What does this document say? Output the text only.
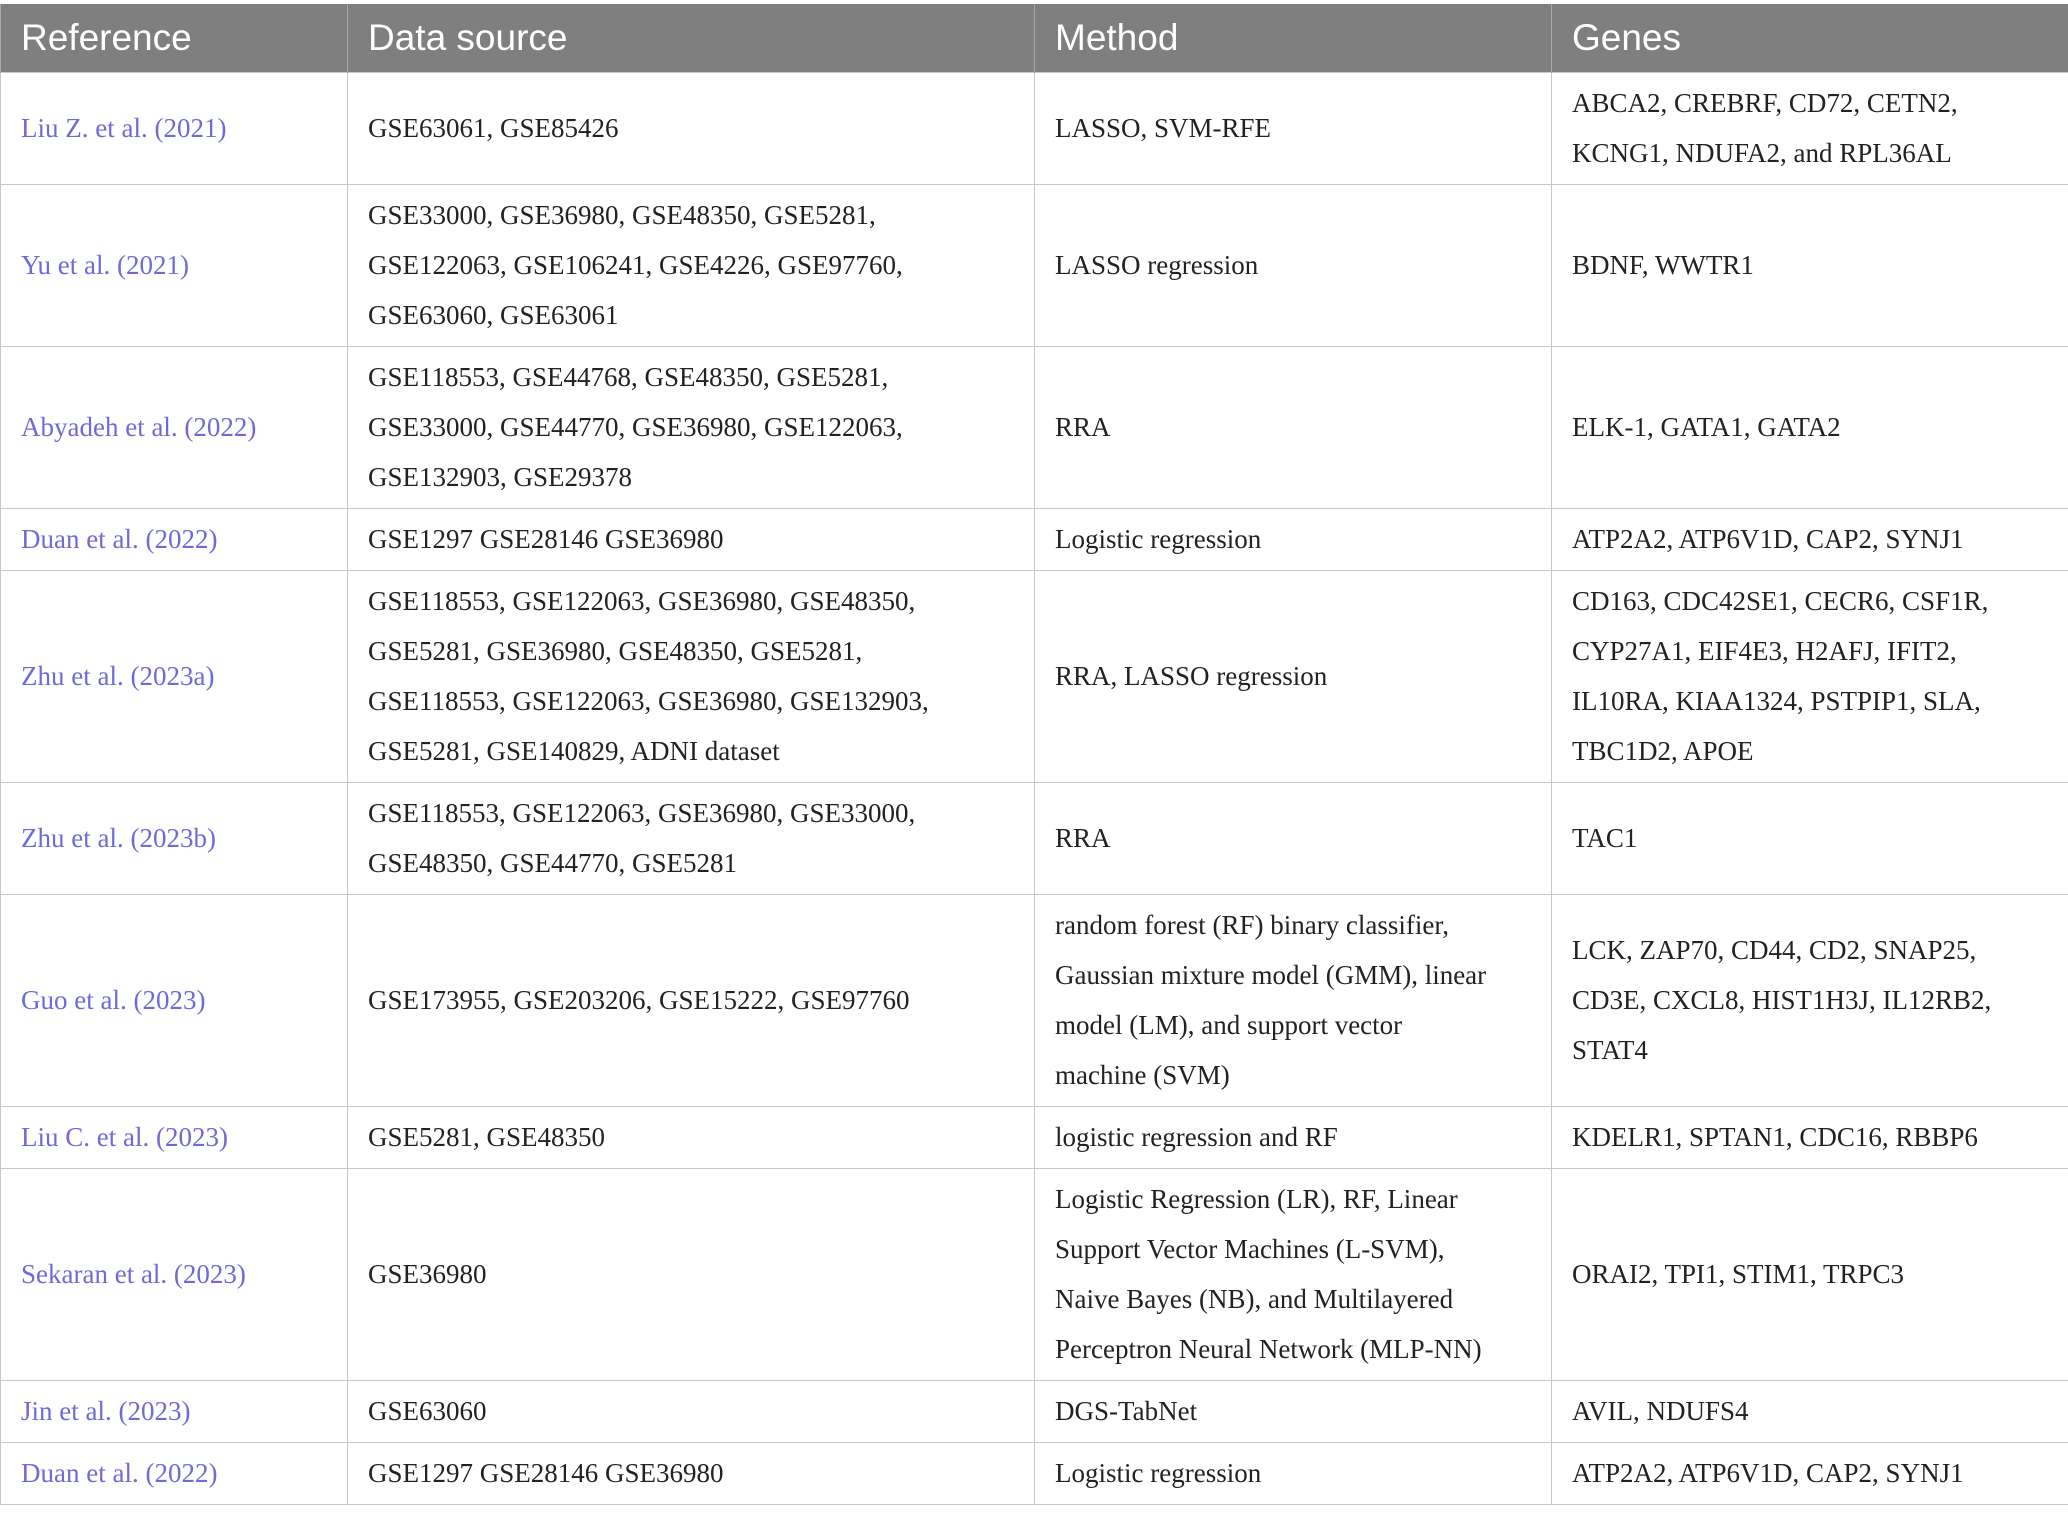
Reference	Data source	Method	Genes
Liu Z. et al. (2021)	GSE63061, GSE85426	LASSO, SVM-RFE	ABCA2, CREBRF, CD72, CETN2,
KCNG1, NDUFA2, and RPL36AL

Yu et al. (2021)	GSE33000, GSE36980, GSE48350, GSE5281,
GSE122063, GSE106241, GSE4226, GSE97760,
GSE63060, GSE63061	LASSO regression	BDNF, WWTR1

Abyadeh et al. (2022)	GSE118553, GSE44768, GSE48350, GSE5281,
GSE33000, GSE44770, GSE36980, GSE122063,
GSE132903, GSE29378	RRA	ELK-1, GATA1, GATA2

Duan et al. (2022)	GSE1297 GSE28146 GSE36980	Logistic regression	ATP2A2, ATP6V1D, CAP2, SYNJ1

Zhu et al. (2023a)	GSE118553, GSE122063, GSE36980, GSE48350,
GSE5281, GSE36980, GSE48350, GSE5281,
GSE118553, GSE122063, GSE36980, GSE132903,
GSE5281, GSE140829, ADNI dataset	RRA, LASSO regression	CD163, CDC42SE1, CECR6, CSF1R,
CYP27A1, EIF4E3, H2AFJ, IFIT2,
IL10RA, KIAA1324, PSTPIP1, SLA,
TBC1D2, APOE

Zhu et al. (2023b)	GSE118553, GSE122063, GSE36980, GSE33000,
GSE48350, GSE44770, GSE5281	RRA	TAC1

Guo et al. (2023)	GSE173955, GSE203206, GSE15222, GSE97760	random forest (RF) binary classifier,
Gaussian mixture model (GMM), linear
model (LM), and support vector
machine (SVM)	LCK, ZAP70, CD44, CD2, SNAP25,
CD3E, CXCL8, HIST1H3J, IL12RB2,
STAT4

Liu C. et al. (2023)	GSE5281, GSE48350	logistic regression and RF	KDELR1, SPTAN1, CDC16, RBBP6

Sekaran et al. (2023)	GSE36980	Logistic Regression (LR), RF, Linear
Support Vector Machines (L-SVM),
Naive Bayes (NB), and Multilayered
Perceptron Neural Network (MLP-NN)	ORAI2, TPI1, STIM1, TRPC3

Jin et al. (2023)	GSE63060	DGS-TabNet	AVIL, NDUFS4

Duan et al. (2022)	GSE1297 GSE28146 GSE36980	Logistic regression	ATP2A2, ATP6V1D, CAP2, SYNJ1
